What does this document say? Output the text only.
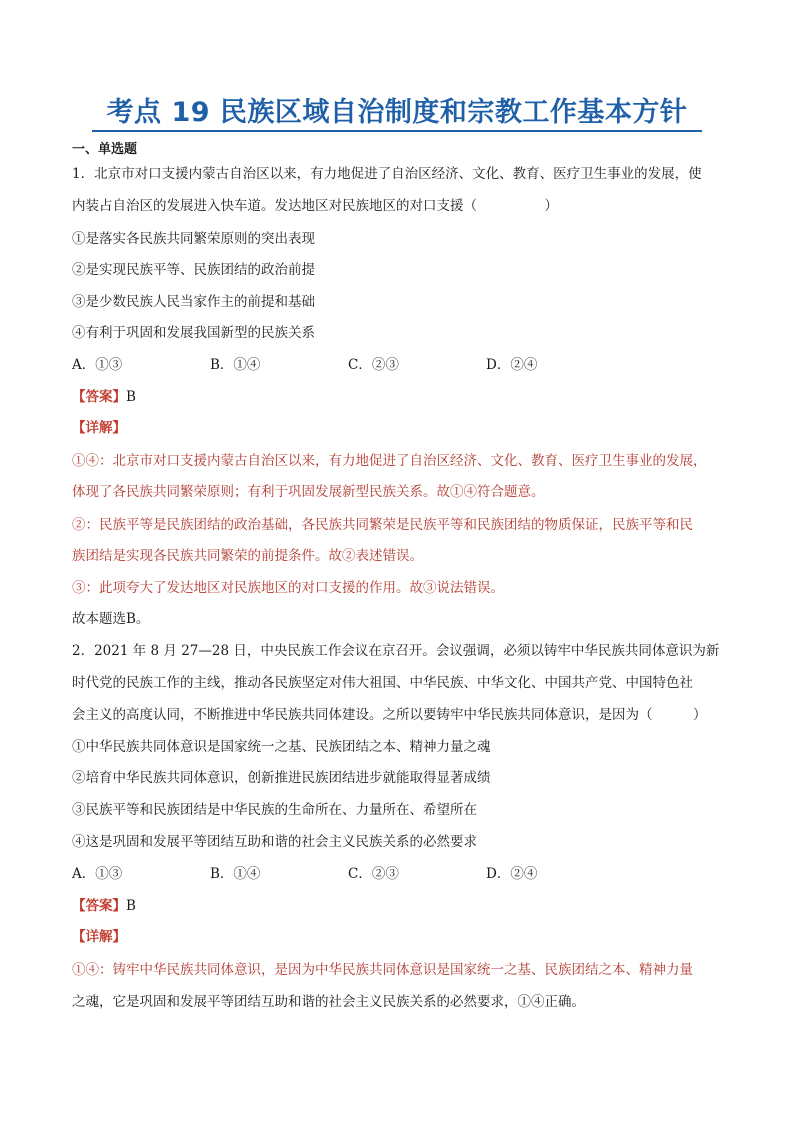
考点 19 民族区域自治制度和宗教工作基本方针
一、单选题
1．北京市对口支援内蒙古自治区以来，有力地促进了自治区经济、文化、教育、医疗卫生事业的发展，使
内装占自治区的发展进入快车道。发达地区对民族地区的对口支援（　　　　　）
①是落实各民族共同繁荣原则的突出表现
②是实现民族平等、民族团结的政治前提
③是少数民族人民当家作主的前提和基础
④有利于巩固和发展我国新型的民族关系
A．①③	B．①④	C．②③	D．②④
【答案】B
【详解】
①④：北京市对口支援内蒙古自治区以来，有力地促进了自治区经济、文化、教育、医疗卫生事业的发展，
体现了各民族共同繁荣原则；有利于巩固发展新型民族关系。故①④符合题意。
②：民族平等是民族团结的政治基础，各民族共同繁荣是民族平等和民族团结的物质保证，民族平等和民
族团结是实现各民族共同繁荣的前提条件。故②表述错误。
③：此项夸大了发达地区对民族地区的对口支援的作用。故③说法错误。
故本题选B。
2．2021 年 8 月 27—28 日，中央民族工作会议在京召开。会议强调，必须以铸牢中华民族共同体意识为新
时代党的民族工作的主线，推动各民族坚定对伟大祖国、中华民族、中华文化、中国共产党、中国特色社
会主义的高度认同，不断推进中华民族共同体建设。之所以要铸牢中华民族共同体意识，是因为（　　　）
①中华民族共同体意识是国家统一之基、民族团结之本、精神力量之魂
②培育中华民族共同体意识，创新推进民族团结进步就能取得显著成绩
③民族平等和民族团结是中华民族的生命所在、力量所在、希望所在
④这是巩固和发展平等团结互助和谐的社会主义民族关系的必然要求
A．①③	B．①④	C．②③	D．②④
【答案】B
【详解】
①④：铸牢中华民族共同体意识，是因为中华民族共同体意识是国家统一之基、民族团结之本、精神力量
之魂，它是巩固和发展平等团结互助和谐的社会主义民族关系的必然要求，①④正确。
